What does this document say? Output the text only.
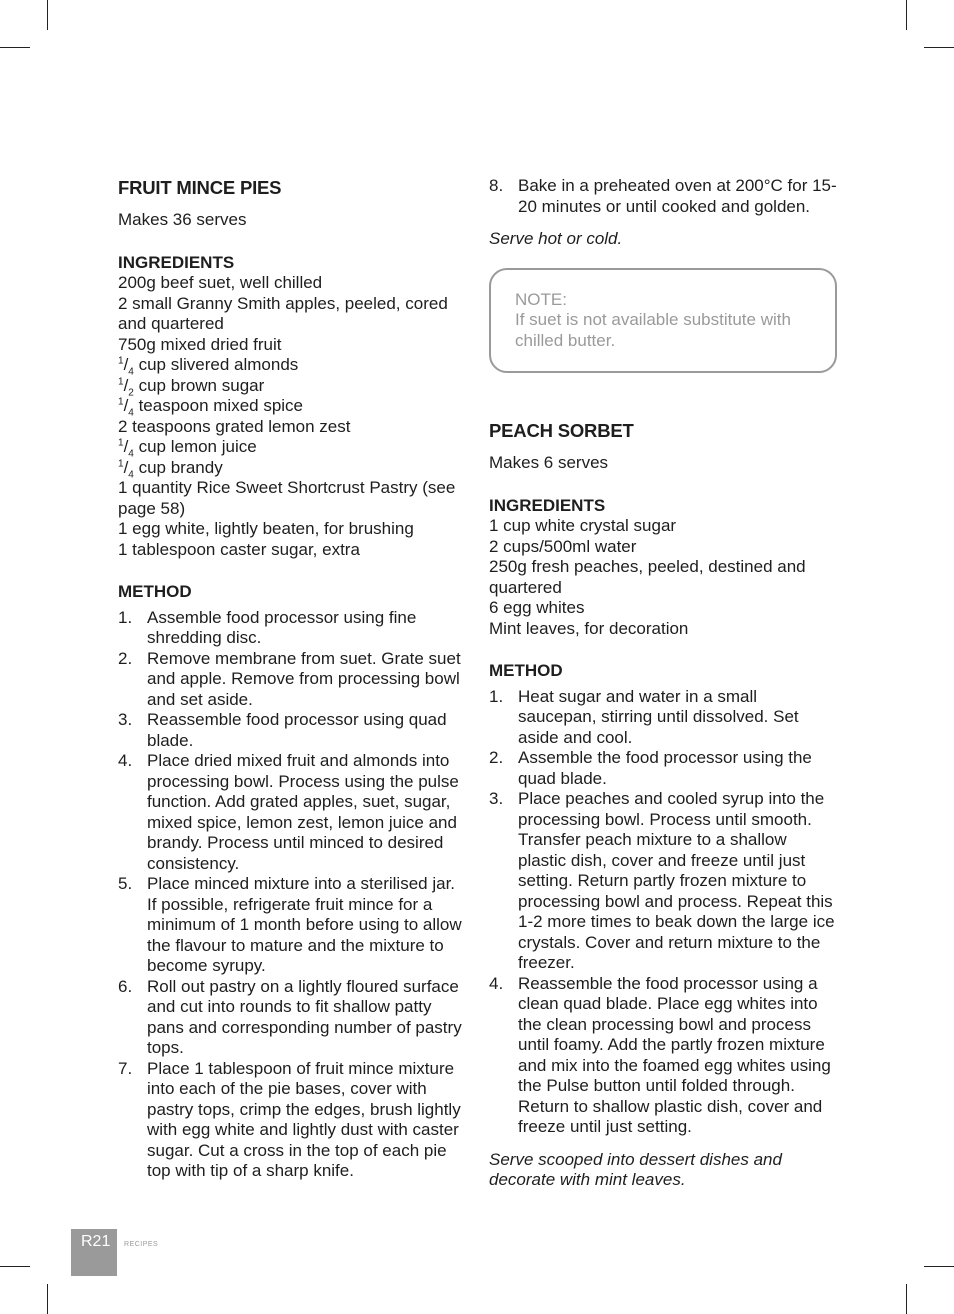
FRUIT MINCE PIES
Makes 36 serves
INGREDIENTS
200g beef suet, well chilled
2 small Granny Smith apples, peeled, cored and quartered
750g mixed dried fruit
$^1/_4$ cup slivered almonds
$^1/_2$ cup brown sugar
$^1/_4$ teaspoon mixed spice
2 teaspoons grated lemon zest
$^1/_4$ cup lemon juice
$^1/_4$ cup brandy
1 quantity Rice Sweet Shortcrust Pastry (see page 58)
1 egg white, lightly beaten, for brushing
1 tablespoon caster sugar, extra
METHOD
1. Assemble food processor using fine shredding disc.
2. Remove membrane from suet. Grate suet and apple. Remove from processing bowl and set aside.
3. Reassemble food processor using quad blade.
4. Place dried mixed fruit and almonds into processing bowl. Process using the pulse function. Add grated apples, suet, sugar, mixed spice, lemon zest, lemon juice and brandy. Process until minced to desired consistency.
5. Place minced mixture into a sterilised jar. If possible, refrigerate fruit mince for a minimum of 1 month before using to allow the flavour to mature and the mixture to become syrupy.
6. Roll out pastry on a lightly floured surface and cut into rounds to fit shallow patty pans and corresponding number of pastry tops.
7. Place 1 tablespoon of fruit mince mixture into each of the pie bases, cover with pastry tops, crimp the edges, brush lightly with egg white and lightly dust with caster sugar. Cut a cross in the top of each pie top with tip of a sharp knife.
8. Bake in a preheated oven at 200°C for 15-20 minutes or until cooked and golden.
Serve hot or cold.
NOTE:
If suet is not available substitute with chilled butter.
PEACH SORBET
Makes 6 serves
INGREDIENTS
1 cup white crystal sugar
2 cups/500ml water
250g fresh peaches, peeled, destined and quartered
6 egg whites
Mint leaves, for decoration
METHOD
1. Heat sugar and water in a small saucepan, stirring until dissolved. Set aside and cool.
2. Assemble the food processor using the quad blade.
3. Place peaches and cooled syrup into the processing bowl. Process until smooth. Transfer peach mixture to a shallow plastic dish, cover and freeze until just setting. Return partly frozen mixture to processing bowl and process. Repeat this 1-2 more times to beak down the large ice crystals. Cover and return mixture to the freezer.
4. Reassemble the food processor using a clean quad blade. Place egg whites into the clean processing bowl and process until foamy. Add the partly frozen mixture and mix into the foamed egg whites using the Pulse button until folded through. Return to shallow plastic dish, cover and freeze until just setting.
Serve scooped into dessert dishes and decorate with mint leaves.
R21 RECIPES
